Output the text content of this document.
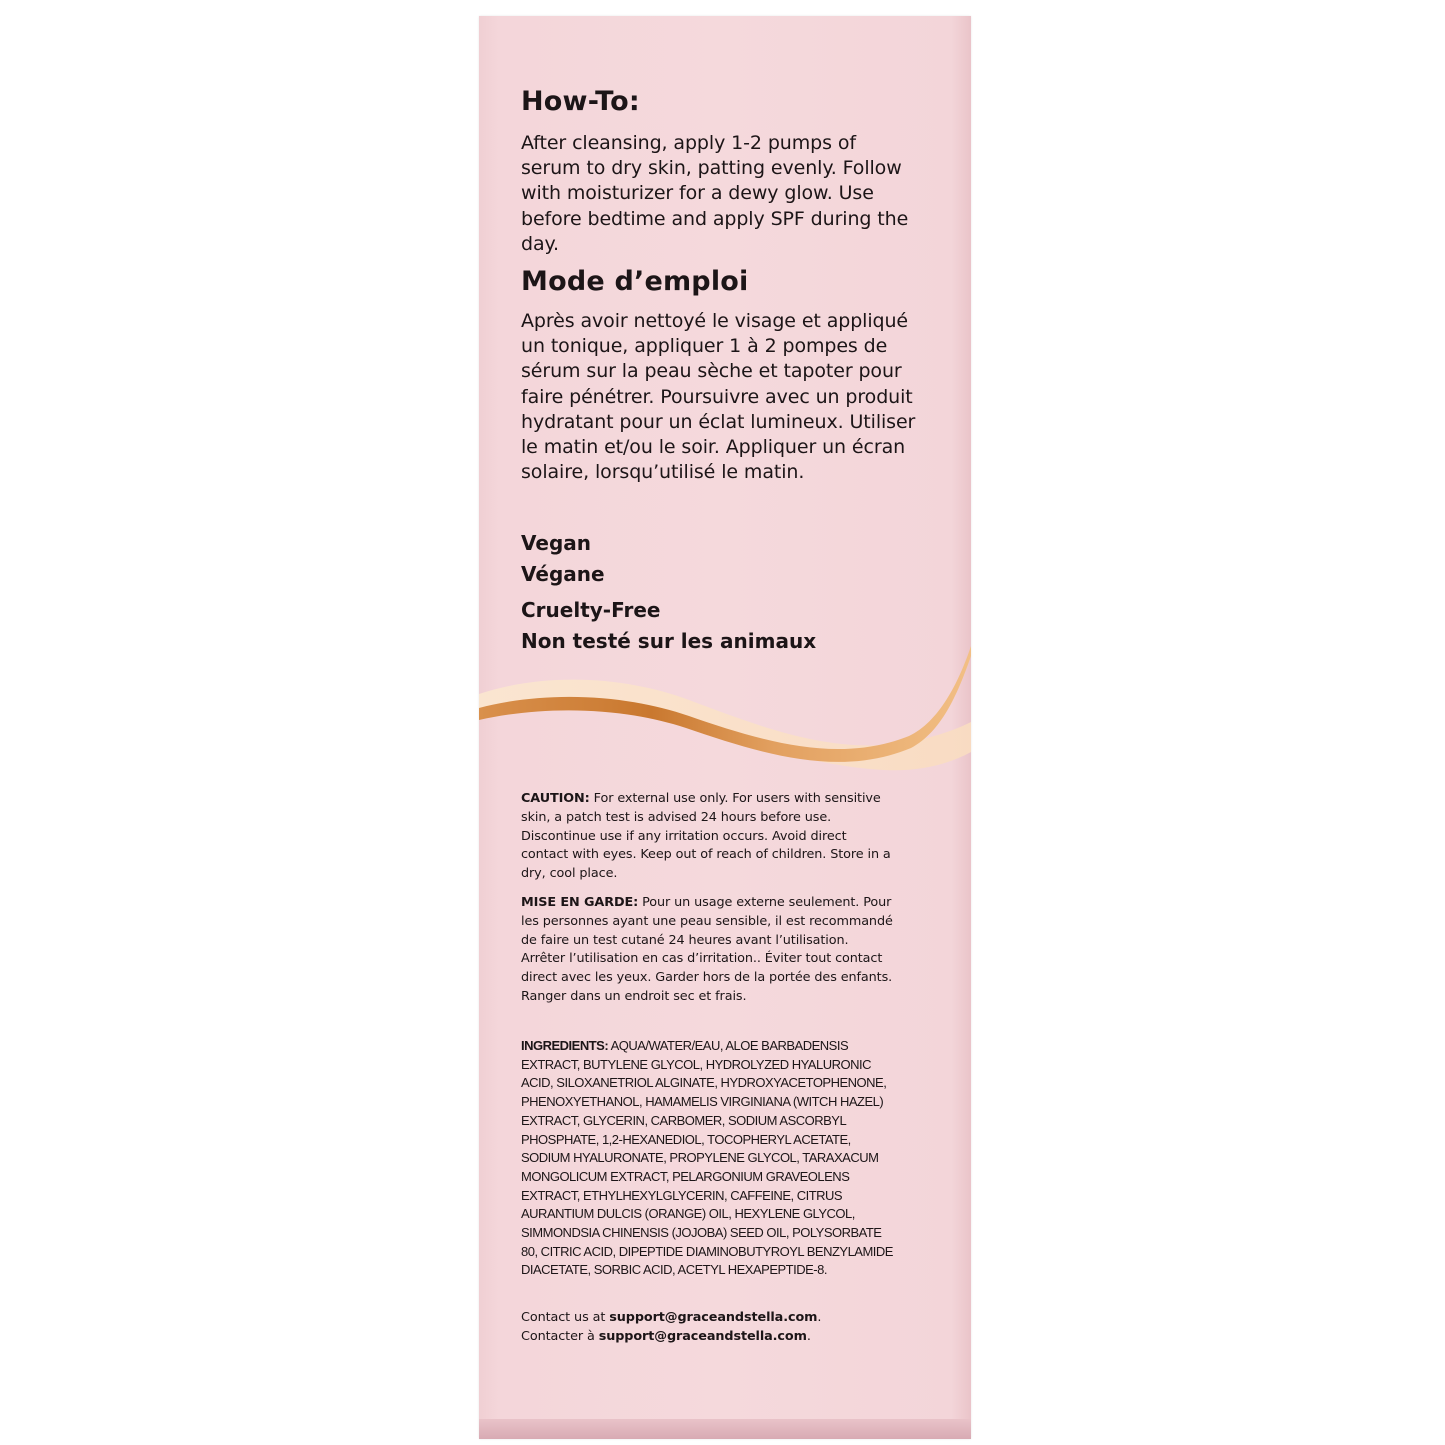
How-To:

After cleansing, apply 1-2 pumps of serum to dry skin, patting evenly. Follow with moisturizer for a dewy glow. Use before bedtime and apply SPF during the day.

Mode d’emploi

Après avoir nettoyé le visage et appliqué un tonique, appliquer 1 à 2 pompes de sérum sur la peau sèche et tapoter pour faire pénétrer. Poursuivre avec un produit hydratant pour un éclat lumineux. Utiliser le matin et/ou le soir. Appliquer un écran solaire, lorsqu’utilisé le matin.

Vegan
Végane
Cruelty-Free
Non testé sur les animaux

CAUTION: For external use only. For users with sensitive skin, a patch test is advised 24 hours before use. Discontinue use if any irritation occurs. Avoid direct contact with eyes. Keep out of reach of children. Store in a dry, cool place.

MISE EN GARDE: Pour un usage externe seulement. Pour les personnes ayant une peau sensible, il est recommandé de faire un test cutané 24 heures avant l’utilisation. Arrêter l’utilisation en cas d’irritation.. Éviter tout contact direct avec les yeux. Garder hors de la portée des enfants. Ranger dans un endroit sec et frais.

INGREDIENTS: AQUA/WATER/EAU, ALOE BARBADENSIS EXTRACT, BUTYLENE GLYCOL, HYDROLYZED HYALURONIC ACID, SILOXANETRIOL ALGINATE, HYDROXYACETOPHENONE, PHENOXYETHANOL, HAMAMELIS VIRGINIANA (WITCH HAZEL) EXTRACT, GLYCERIN, CARBOMER, SODIUM ASCORBYL PHOSPHATE, 1,2-HEXANEDIOL, TOCOPHERYL ACETATE, SODIUM HYALURONATE, PROPYLENE GLYCOL, TARAXACUM MONGOLICUM EXTRACT, PELARGONIUM GRAVEOLENS EXTRACT, ETHYLHEXYLGLYCERIN, CAFFEINE, CITRUS AURANTIUM DULCIS (ORANGE) OIL, HEXYLENE GLYCOL, SIMMONDSIA CHINENSIS (JOJOBA) SEED OIL, POLYSORBATE 80, CITRIC ACID, DIPEPTIDE DIAMINOBUTYROYL BENZYLAMIDE DIACETATE, SORBIC ACID, ACETYL HEXAPEPTIDE-8.

Contact us at support@graceandstella.com.
Contacter à support@graceandstella.com.
